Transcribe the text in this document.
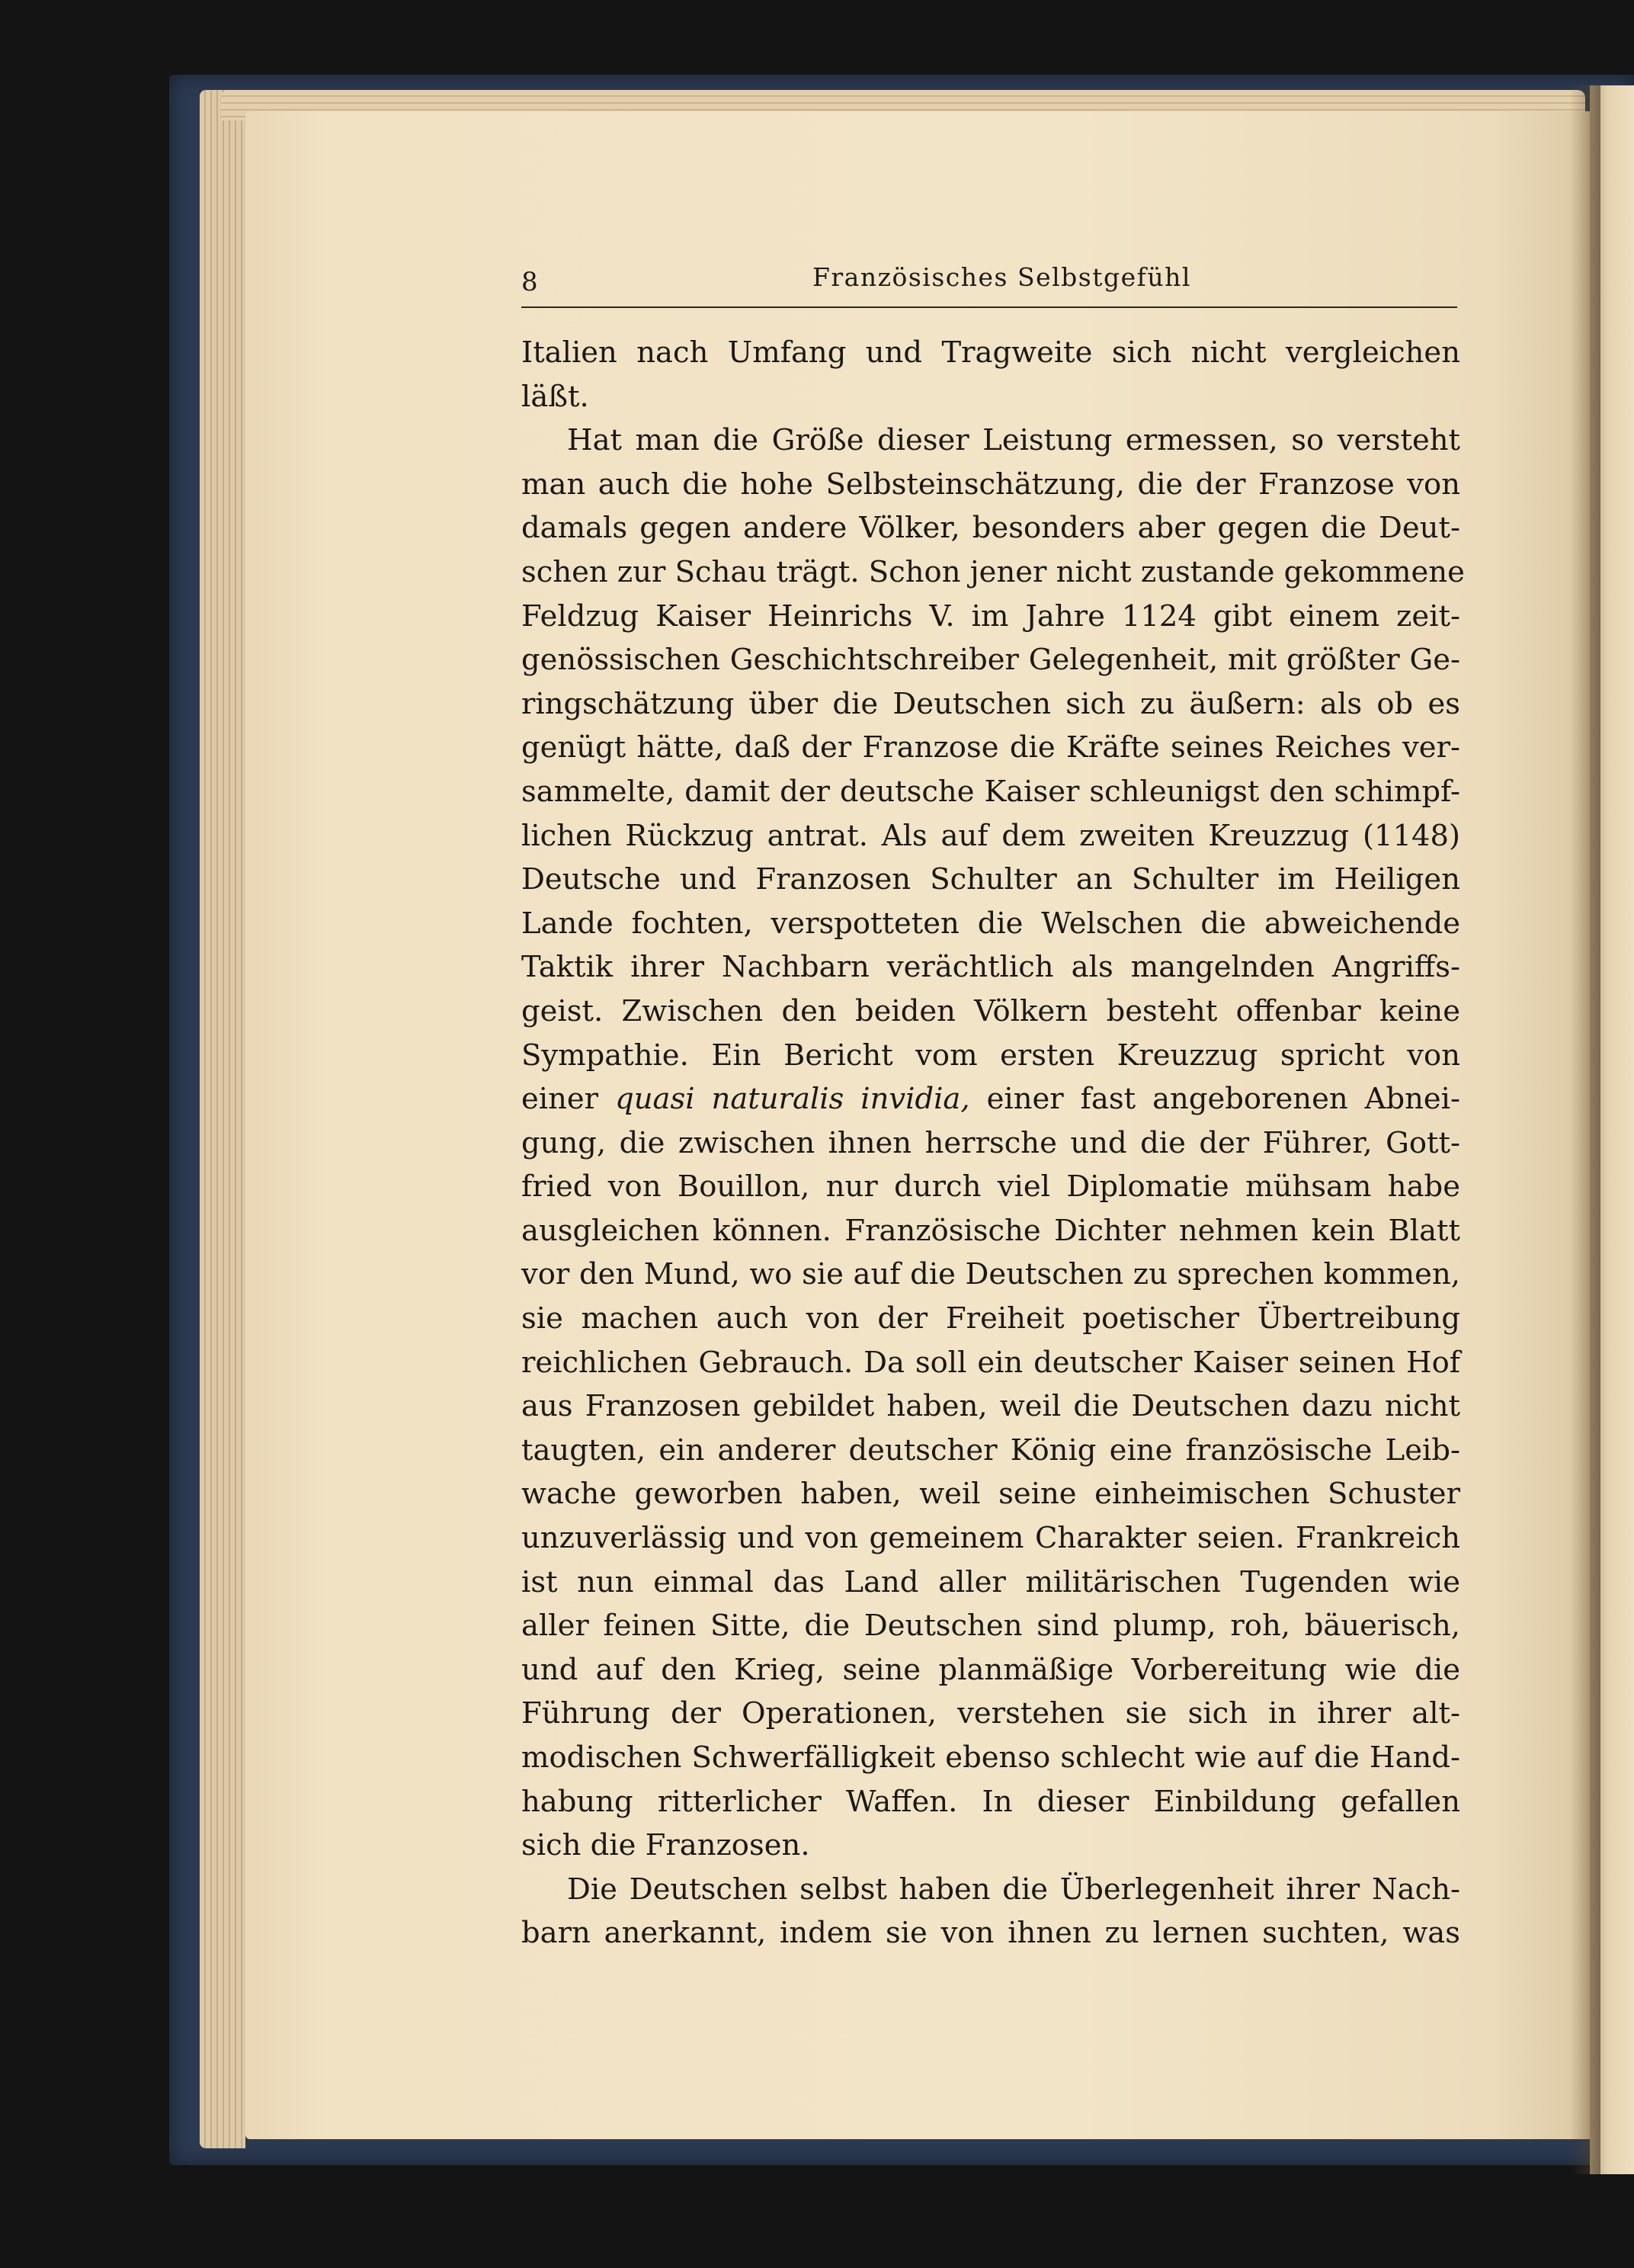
8	Französisches Selbstgefühl
Italien nach Umfang und Tragweite sich nicht vergleichen
läßt.
Hat man die Größe dieser Leistung ermessen, so versteht
man auch die hohe Selbsteinschätzung, die der Franzose von
damals gegen andere Völker, besonders aber gegen die Deut-
schen zur Schau trägt. Schon jener nicht zustande gekommene
Feldzug Kaiser Heinrichs V. im Jahre 1124 gibt einem zeit-
genössischen Geschichtschreiber Gelegenheit, mit größter Ge-
ringschätzung über die Deutschen sich zu äußern: als ob es
genügt hätte, daß der Franzose die Kräfte seines Reiches ver-
sammelte, damit der deutsche Kaiser schleunigst den schimpf-
lichen Rückzug antrat. Als auf dem zweiten Kreuzzug (1148)
Deutsche und Franzosen Schulter an Schulter im Heiligen
Lande fochten, verspotteten die Welschen die abweichende
Taktik ihrer Nachbarn verächtlich als mangelnden Angriffs-
geist. Zwischen den beiden Völkern besteht offenbar keine
Sympathie. Ein Bericht vom ersten Kreuzzug spricht von
einer quasi naturalis invidia, einer fast angeborenen Abnei-
gung, die zwischen ihnen herrsche und die der Führer, Gott-
fried von Bouillon, nur durch viel Diplomatie mühsam habe
ausgleichen können. Französische Dichter nehmen kein Blatt
vor den Mund, wo sie auf die Deutschen zu sprechen kommen,
sie machen auch von der Freiheit poetischer Übertreibung
reichlichen Gebrauch. Da soll ein deutscher Kaiser seinen Hof
aus Franzosen gebildet haben, weil die Deutschen dazu nicht
taugten, ein anderer deutscher König eine französische Leib-
wache geworben haben, weil seine einheimischen Schuster
unzuverlässig und von gemeinem Charakter seien. Frankreich
ist nun einmal das Land aller militärischen Tugenden wie
aller feinen Sitte, die Deutschen sind plump, roh, bäuerisch,
und auf den Krieg, seine planmäßige Vorbereitung wie die
Führung der Operationen, verstehen sie sich in ihrer alt-
modischen Schwerfälligkeit ebenso schlecht wie auf die Hand-
habung ritterlicher Waffen. In dieser Einbildung gefallen
sich die Franzosen.
Die Deutschen selbst haben die Überlegenheit ihrer Nach-
barn anerkannt, indem sie von ihnen zu lernen suchten, was
